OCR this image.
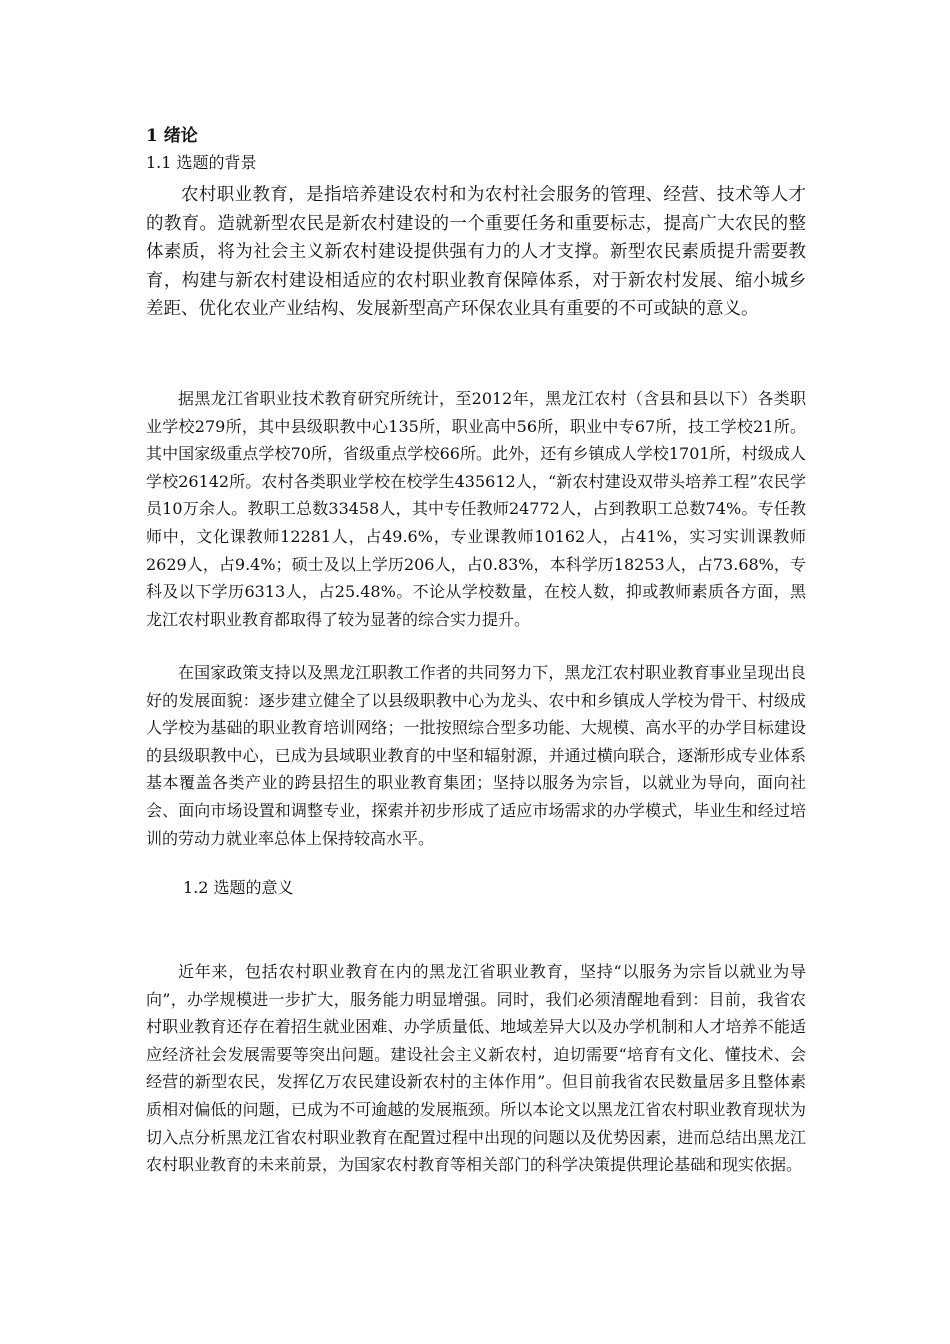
1 绪论
1.1 选题的背景

农村职业教育，是指培养建设农村和为农村社会服务的管理、经营、技术等人才的教育。造就新型农民是新农村建设的一个重要任务和重要标志，提高广大农民的整体素质，将为社会主义新农村建设提供强有力的人才支撑。新型农民素质提升需要教育，构建与新农村建设相适应的农村职业教育保障体系，对于新农村发展、缩小城乡差距、优化农业产业结构、发展新型高产环保农业具有重要的不可或缺的意义。

据黑龙江省职业技术教育研究所统计，至2012年，黑龙江农村（含县和县以下）各类职业学校279所，其中县级职教中心135所，职业高中56所，职业中专67所，技工学校21所。其中国家级重点学校70所，省级重点学校66所。此外，还有乡镇成人学校1701所，村级成人学校26142所。农村各类职业学校在校学生435612人，“新农村建设双带头培养工程”农民学员10万余人。教职工总数33458人，其中专任教师24772人，占到教职工总数74%。专任教师中，文化课教师12281人，占49.6%，专业课教师10162人，占41%，实习实训课教师2629人，占9.4%；硕士及以上学历206人，占0.83%，本科学历18253人，占73.68%，专科及以下学历6313人，占25.48%。不论从学校数量，在校人数，抑或教师素质各方面，黑龙江农村职业教育都取得了较为显著的综合实力提升。

在国家政策支持以及黑龙江职教工作者的共同努力下，黑龙江农村职业教育事业呈现出良好的发展面貌：逐步建立健全了以县级职教中心为龙头、农中和乡镇成人学校为骨干、村级成人学校为基础的职业教育培训网络；一批按照综合型多功能、大规模、高水平的办学目标建设的县级职教中心，已成为县域职业教育的中坚和辐射源，并通过横向联合，逐渐形成专业体系基本覆盖各类产业的跨县招生的职业教育集团；坚持以服务为宗旨，以就业为导向，面向社会、面向市场设置和调整专业，探索并初步形成了适应市场需求的办学模式，毕业生和经过培训的劳动力就业率总体上保持较高水平。

1.2 选题的意义

近年来，包括农村职业教育在内的黑龙江省职业教育，坚持“以服务为宗旨以就业为导向”，办学规模进一步扩大，服务能力明显增强。同时，我们必须清醒地看到：目前，我省农村职业教育还存在着招生就业困难、办学质量低、地域差异大以及办学机制和人才培养不能适应经济社会发展需要等突出问题。建设社会主义新农村，迫切需要“培育有文化、懂技术、会经营的新型农民，发挥亿万农民建设新农村的主体作用”。但目前我省农民数量居多且整体素质相对偏低的问题，已成为不可逾越的发展瓶颈。所以本论文以黑龙江省农村职业教育现状为切入点分析黑龙江省农村职业教育在配置过程中出现的问题以及优势因素，进而总结出黑龙江农村职业教育的未来前景，为国家农村教育等相关部门的科学决策提供理论基础和现实依据。
